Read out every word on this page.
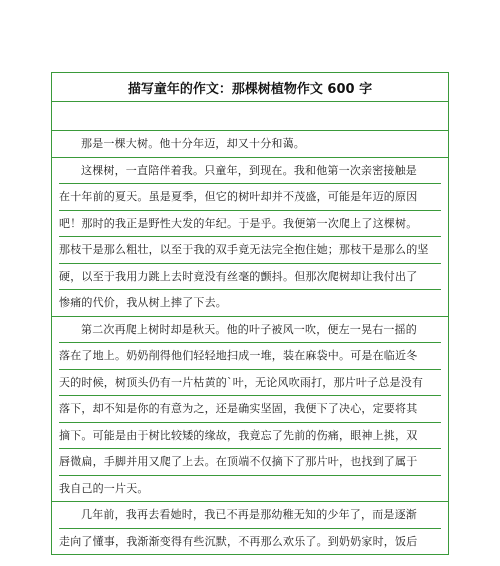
描写童年的作文：那棵树植物作文 600 字
那是一棵大树。他十分年迈，却又十分和蔼。
这棵树，一直陪伴着我。只童年，到现在。我和他第一次亲密接触是
在十年前的夏天。虽是夏季，但它的树叶却并不茂盛，可能是年迈的原因
吧！那时的我正是野性大发的年纪。于是乎。我便第一次爬上了这棵树。
那枝干是那么粗壮，以至于我的双手竟无法完全抱住她；那枝干是那么的坚
硬，以至于我用力跳上去时竟没有丝毫的颤抖。但那次爬树却让我付出了
惨痛的代价，我从树上摔了下去。
第二次再爬上树时却是秋天。他的叶子被风一吹，便左一晃右一摇的
落在了地上。奶奶削得他们轻轻地扫成一堆，装在麻袋中。可是在临近冬
天的时候，树顶头仍有一片枯黄的`叶，无论风吹雨打，那片叶子总是没有
落下，却不知是你的有意为之，还是确实坚固，我便下了决心，定要将其
摘下。可能是由于树比较矮的缘故，我竟忘了先前的伤痛，眼神上挑，双
唇微扁，手脚并用又爬了上去。在顶端不仅摘下了那片叶，也找到了属于
我自己的一片天。
几年前，我再去看她时，我已不再是那幼稚无知的少年了，而是逐渐
走向了懂事，我渐渐变得有些沉默，不再那么欢乐了。到奶奶家时，饭后
